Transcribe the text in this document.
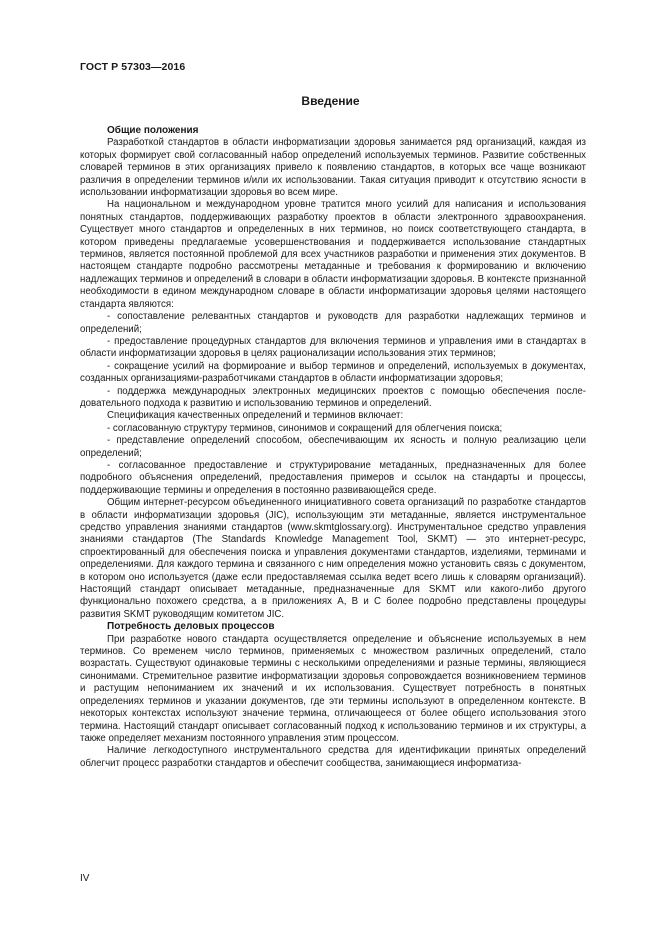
ГОСТ Р 57303—2016
Введение

Общие положения

Разработкой стандартов в области информатизации здоровья занимается ряд организаций, каждая из которых формирует свой согласованный набор определений используемых терминов. Развитие собственных словарей терминов в этих организациях привело к появлению стандартов, в которых все чаще возникают различия в определении терминов и/или их использовании. Такая ситуация приводит к отсутствию ясности в использовании информатизации здоровья во всем мире.

На национальном и международном уровне тратится много усилий для написания и использования понятных стандартов, поддерживающих разработку проектов в области электронного здравоохранения. Существует много стандартов и определенных в них терминов, но поиск соответствующего стандарта, в котором приведены предлагаемые усовершенствования и поддерживается использование стандартных терминов, является постоянной проблемой для всех участников разработки и применения этих документов. В настоящем стандарте подробно рассмотрены метаданные и требования к формированию и включению надлежащих терминов и определений в словари в области информатизации здоровья. В контексте признанной необходимости в едином международном словаре в области информатизации здоровья целями настоящего стандарта являются:

- сопоставление релевантных стандартов и руководств для разработки надлежащих терминов и определений;

- предоставление процедурных стандартов для включения терминов и управления ими в стандартах в области информатизации здоровья в целях рационализации использования этих терминов;

- сокращение усилий на формироание и выбор терминов и определений, используемых в документах, созданных организациями-разработчиками стандартов в области информатизации здоровья;

- поддержка международных электронных медицинских проектов с помощью обеспечения последовательного подхода к развитию и использованию терминов и определений.

Спецификация качественных определений и терминов включает:

- согласованную структуру терминов, синонимов и сокращений для облегчения поиска;

- представление определений способом, обеспечивающим их ясность и полную реализацию цели определений;

- согласованное предоставление и структурирование метаданных, предназначенных для более подробного объяснения определений, предоставления примеров и ссылок на стандарты и процессы, поддерживающие термины и определения в постоянно развивающейся среде.

Общим интернет-ресурсом объединенного инициативного совета организаций по разработке стандартов в области информатизации здоровья (JIC), использующим эти метаданные, является инструментальное средство управления знаниями стандартов (www.skmtglossary.org). Инструментальное средство управления знаниями стандартов (The Standards Knowledge Management Tool, SKMT) — это интернет-ресурс, спроектированный для обеспечения поиска и управления документами стандартов, изделиями, терминами и определениями. Для каждого термина и связанного с ним определения можно установить связь с документом, в котором оно используется (даже если предоставляемая ссылка ведет всего лишь к словарям организаций). Настоящий стандарт описывает метаданные, предназначенные для SKMT или какого-либо другого функционально похожего средства, а в приложениях А, В и С более подробно представлены процедуры развития SKMT руководящим комитетом JIC.

Потребность деловых процессов

При разработке нового стандарта осуществляется определение и объяснение используемых в нем терминов. Со временем число терминов, применяемых с множеством различных определений, стало возрастать. Существуют одинаковые термины с несколькими определениями и разные термины, являющиеся синонимами. Стремительное развитие информатизации здоровья сопровождается возникновением терминов и растущим непониманием их значений и их использования. Существует потребность в понятных определениях терминов и указании документов, где эти термины используют в определенном контексте. В некоторых контекстах используют значение термина, отличающееся от более общего использования этого термина. Настоящий стандарт описывает согласованный подход к использованию терминов и их структуры, а также определяет механизм постоянного управления этим процессом.

Наличие легкодоступного инструментального средства для идентификации принятых определений облегчит процесс разработки стандартов и обеспечит сообщества, занимающиеся информатиза-

IV
